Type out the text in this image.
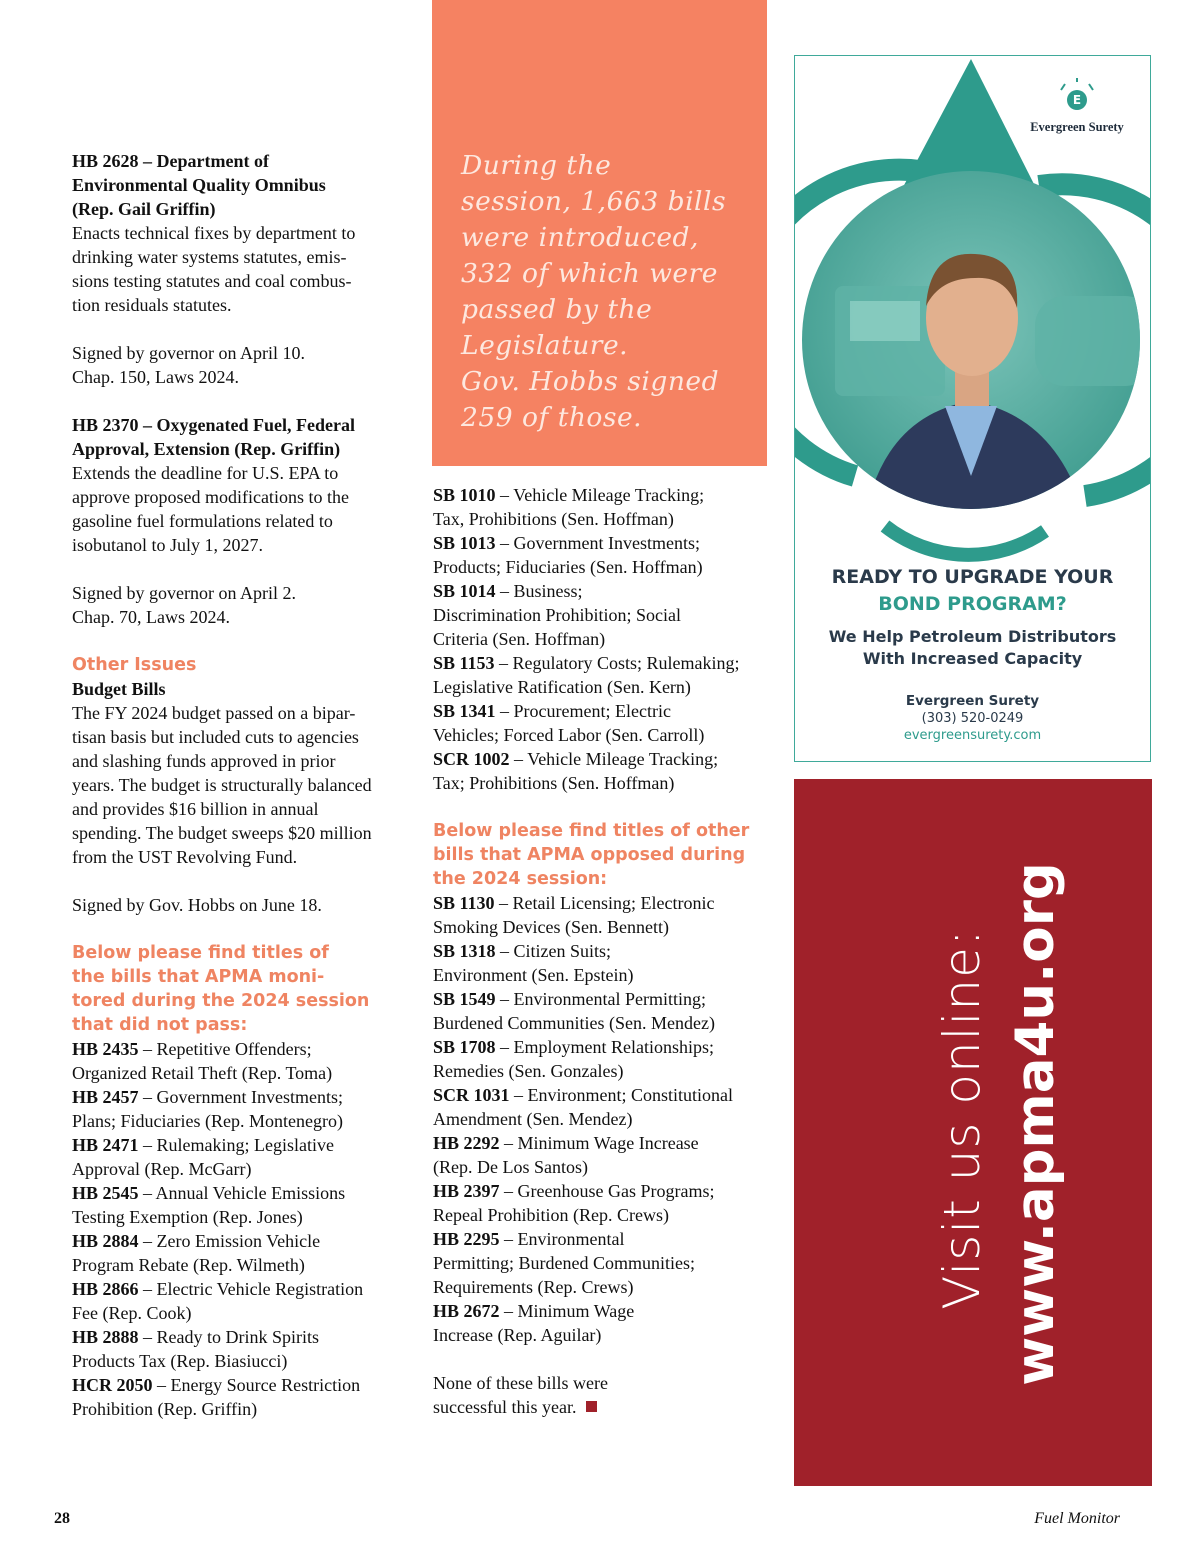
HB 2628 – Department of
Environmental Quality Omnibus
(Rep. Gail Griffin)
Enacts technical fixes by department to
drinking water systems statutes, emis-
sions testing statutes and coal combus-
tion residuals statutes.
Signed by governor on April 10.
Chap. 150, Laws 2024.
HB 2370 – Oxygenated Fuel, Federal
Approval, Extension (Rep. Griffin)
Extends the deadline for U.S. EPA to
approve proposed modifications to the
gasoline fuel formulations related to
isobutanol to July 1, 2027.
Signed by governor on April 2.
Chap. 70, Laws 2024.
Other Issues
Budget Bills
The FY 2024 budget passed on a bipar-
tisan basis but included cuts to agencies
and slashing funds approved in prior
years. The budget is structurally balanced
and provides $16 billion in annual
spending. The budget sweeps $20 million
from the UST Revolving Fund.
Signed by Gov. Hobbs on June 18.
Below please find titles of
the bills that APMA moni-
tored during the 2024 session
that did not pass:
HB 2435 – Repetitive Offenders;
Organized Retail Theft (Rep. Toma)
HB 2457 – Government Investments;
Plans; Fiduciaries (Rep. Montenegro)
HB 2471 – Rulemaking; Legislative
Approval (Rep. McGarr)
HB 2545 – Annual Vehicle Emissions
Testing Exemption (Rep. Jones)
HB 2884 – Zero Emission Vehicle
Program Rebate (Rep. Wilmeth)
HB 2866 – Electric Vehicle Registration
Fee (Rep. Cook)
HB 2888 – Ready to Drink Spirits
Products Tax (Rep. Biasiucci)
HCR 2050 – Energy Source Restriction
Prohibition (Rep. Griffin)
During the
session, 1,663 bills
were introduced,
332 of which were
passed by the
Legislature.
Gov. Hobbs signed
259 of those.
SB 1010 – Vehicle Mileage Tracking;
Tax, Prohibitions (Sen. Hoffman)
SB 1013 – Government Investments;
Products; Fiduciaries (Sen. Hoffman)
SB 1014 – Business;
Discrimination Prohibition; Social
Criteria (Sen. Hoffman)
SB 1153 – Regulatory Costs; Rulemaking;
Legislative Ratification (Sen. Kern)
SB 1341 – Procurement; Electric
Vehicles; Forced Labor (Sen. Carroll)
SCR 1002 – Vehicle Mileage Tracking;
Tax; Prohibitions (Sen. Hoffman)
Below please find titles of other
bills that APMA opposed during
the 2024 session:
SB 1130 – Retail Licensing; Electronic
Smoking Devices (Sen. Bennett)
SB 1318 – Citizen Suits;
Environment (Sen. Epstein)
SB 1549 – Environmental Permitting;
Burdened Communities (Sen. Mendez)
SB 1708 – Employment Relationships;
Remedies (Sen. Gonzales)
SCR 1031 – Environment; Constitutional
Amendment (Sen. Mendez)
HB 2292 – Minimum Wage Increase
(Rep. De Los Santos)
HB 2397 – Greenhouse Gas Programs;
Repeal Prohibition (Rep. Crews)
HB 2295 – Environmental
Permitting; Burdened Communities;
Requirements (Rep. Crews)
HB 2672 – Minimum Wage
Increase (Rep. Aguilar)
None of these bills were
successful this year.
E
Evergreen Surety
READY TO UPGRADE YOUR
BOND PROGRAM?
We Help Petroleum Distributors
With Increased Capacity
Evergreen Surety
(303) 520-0249
evergreensurety.com
Visit us online: www.apma4u.org
28	Fuel Monitor
